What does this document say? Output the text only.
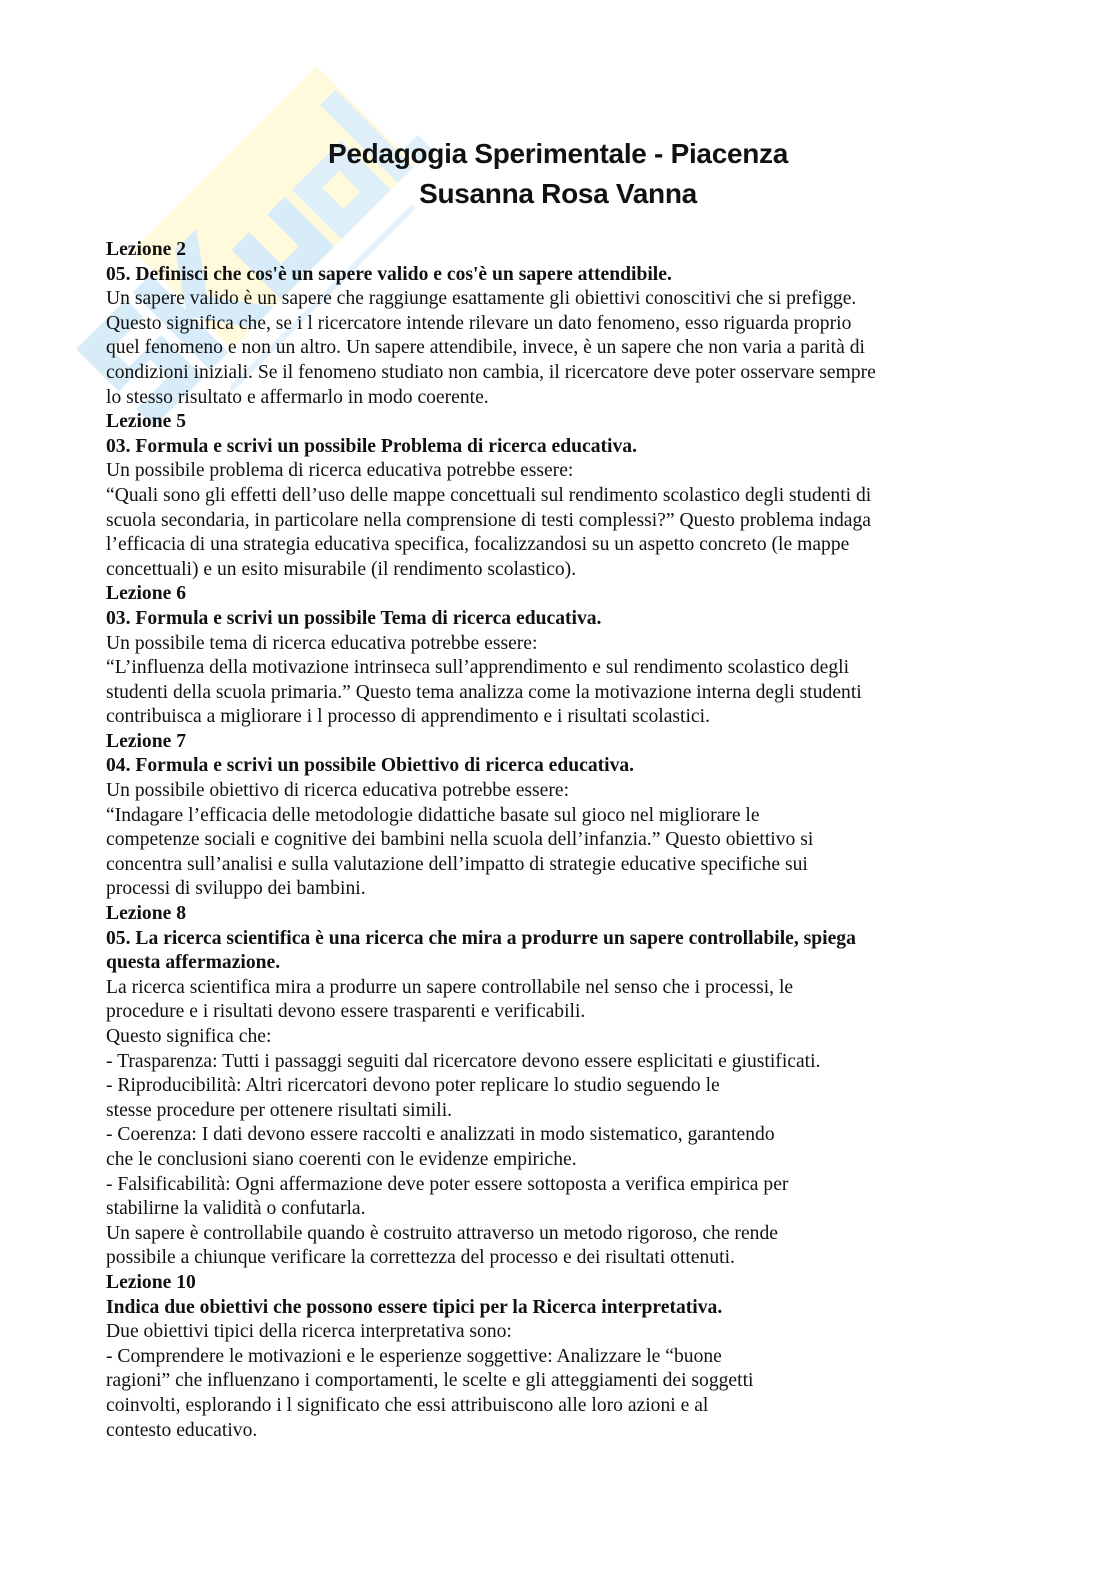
Pedagogia Sperimentale - Piacenza
Susanna Rosa Vanna
Lezione 2
05. Definisci che cos'è un sapere valido e cos'è un sapere attendibile.
Un sapere valido è un sapere che raggiunge esattamente gli obiettivi conoscitivi che si prefigge.
Questo significa che, se i l ricercatore intende rilevare un dato fenomeno, esso riguarda proprio
quel fenomeno e non un altro. Un sapere attendibile, invece, è un sapere che non varia a parità di
condizioni iniziali. Se il fenomeno studiato non cambia, il ricercatore deve poter osservare sempre
lo stesso risultato e affermarlo in modo coerente.
Lezione 5
03. Formula e scrivi un possibile Problema di ricerca educativa.
Un possibile problema di ricerca educativa potrebbe essere:
“Quali sono gli effetti dell’uso delle mappe concettuali sul rendimento scolastico degli studenti di
scuola secondaria, in particolare nella comprensione di testi complessi?” Questo problema indaga
l’efficacia di una strategia educativa specifica, focalizzandosi su un aspetto concreto (le mappe
concettuali) e un esito misurabile (il rendimento scolastico).
Lezione 6
03. Formula e scrivi un possibile Tema di ricerca educativa.
Un possibile tema di ricerca educativa potrebbe essere:
“L’influenza della motivazione intrinseca sull’apprendimento e sul rendimento scolastico degli
studenti della scuola primaria.” Questo tema analizza come la motivazione interna degli studenti
contribuisca a migliorare i l processo di apprendimento e i risultati scolastici.
Lezione 7
04. Formula e scrivi un possibile Obiettivo di ricerca educativa.
Un possibile obiettivo di ricerca educativa potrebbe essere:
“Indagare l’efficacia delle metodologie didattiche basate sul gioco nel migliorare le
competenze sociali e cognitive dei bambini nella scuola dell’infanzia.” Questo obiettivo si
concentra sull’analisi e sulla valutazione dell’impatto di strategie educative specifiche sui
processi di sviluppo dei bambini.
Lezione 8
05. La ricerca scientifica è una ricerca che mira a produrre un sapere controllabile, spiega
questa affermazione.
La ricerca scientifica mira a produrre un sapere controllabile nel senso che i processi, le
procedure e i risultati devono essere trasparenti e verificabili.
Questo significa che:
- Trasparenza: Tutti i passaggi seguiti dal ricercatore devono essere esplicitati e giustificati.
- Riproducibilità: Altri ricercatori devono poter replicare lo studio seguendo le
stesse procedure per ottenere risultati simili.
- Coerenza: I dati devono essere raccolti e analizzati in modo sistematico, garantendo
che le conclusioni siano coerenti con le evidenze empiriche.
- Falsificabilità: Ogni affermazione deve poter essere sottoposta a verifica empirica per
stabilirne la validità o confutarla.
Un sapere è controllabile quando è costruito attraverso un metodo rigoroso, che rende
possibile a chiunque verificare la correttezza del processo e dei risultati ottenuti.
Lezione 10
Indica due obiettivi che possono essere tipici per la Ricerca interpretativa.
Due obiettivi tipici della ricerca interpretativa sono:
- Comprendere le motivazioni e le esperienze soggettive: Analizzare le “buone
ragioni” che influenzano i comportamenti, le scelte e gli atteggiamenti dei soggetti
coinvolti, esplorando i l significato che essi attribuiscono alle loro azioni e al
contesto educativo.
